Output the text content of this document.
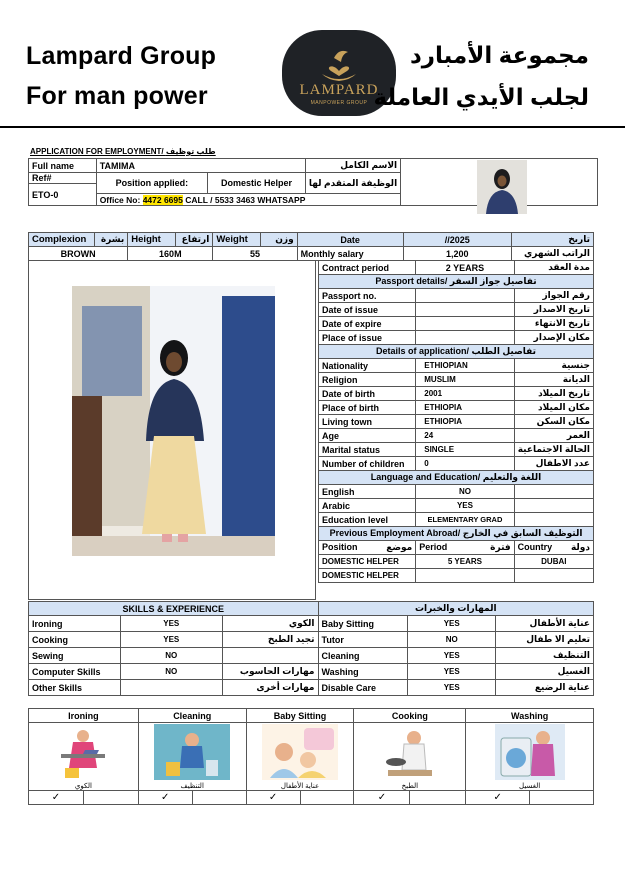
Lampard Group
For man power	LAMPARD
MANPOWER GROUP
مجموعة الأمبارد
لجلب الأيدي العاملة
APPLICATION FOR EMPLOYMENT/ طلب توظيف
Full name	TAMIMA		الاسم الكامل	
Ref#	Position applied:	Domestic Helper	الوظيفة المتقدم لها	
ETO-0				
	Office No: 4472 6695 CALL / 5533 3463 WHATSAPP			
Complexion	بشرة	Height	ارتفاع	Weight	وزن	Date	//2025	تاريخ
BROWN		160M		55		Monthly salary	1,200	الراتب الشهري
Contract period	2 YEARS	مدة العقد
Passport details/ تفاصيل جواز السفر		
Passport no.		رقم الجواز
Date of issue		تاريخ الاصدار
Date of expire		تاريخ الانتهاء
Place of issue		مكان الإصدار
Details of application/ تفاصيل الطلب		
Nationality	ETHIOPIAN	جنسية
Religion	MUSLIM	الديانة
Date of birth	2001	تاريخ الميلاد
Place of birth	ETHIOPIA	مكان الميلاد
Living town	ETHIOPIA	مكان السكن
Age	24	العمر
Marital status	SINGLE	الحالة الاجتماعية
Number of children	0	عدد الاطفال
Language and Education/ اللغة والتعليم		
English	NO	
Arabic	YES	
Education level	ELEMENTARY GRAD	
Previous Employment Abroad/ التوظيف السابق في الخارج		
Position موضع	Period فترة	Country دولة

DOMESTIC HELPER	5 YEARS	DUBAI
DOMESTIC HELPER		
SKILLS & EXPERIENCE			المهارات والخبرات		
Ironing	YES	الكوي	Baby Sitting	YES	عناية الأطفال
Cooking	YES	تجيد الطبخ	Tutor	NO	تعليم الا طفال
Sewing	NO		Cleaning	YES	التنظيف
Computer Skills	NO	مهارات الحاسوب	Washing	YES	الغسيل
Other Skills		مهارات أخرى	Disable Care	YES	عناية الرضيع
Ironing		Cleaning		Baby Sitting		Cooking		Washing	

الكوي		التنظيف		عناية الأطفال		الطبخ		الغسيل	

✓		✓		✓		✓		✓	
